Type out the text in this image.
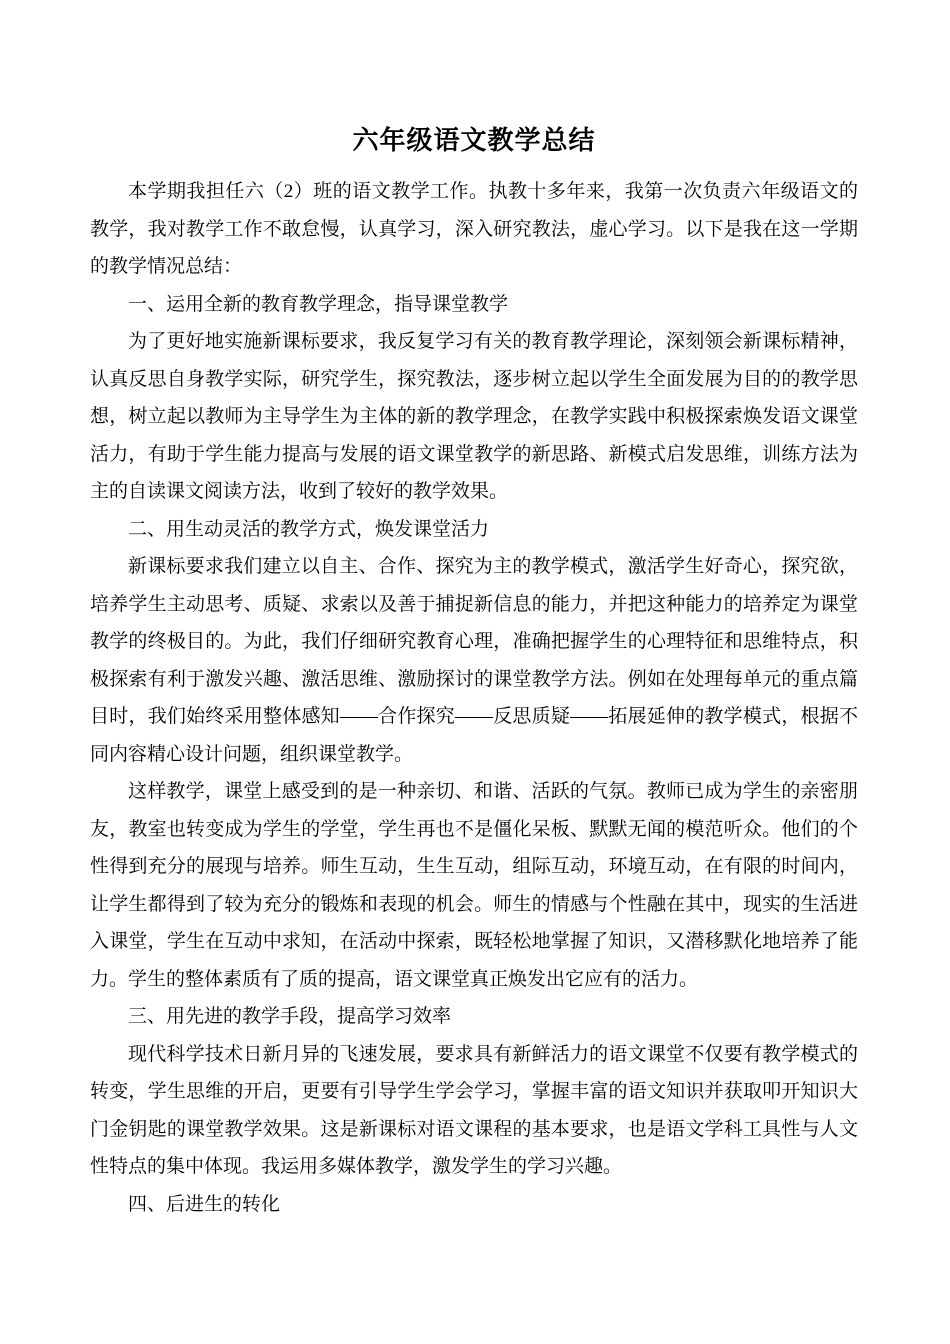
六年级语文教学总结

本学期我担任六（2）班的语文教学工作。执教十多年来，我第一次负责六年级语文的教学，我对教学工作不敢怠慢，认真学习，深入研究教法，虚心学习。以下是我在这一学期的教学情况总结：

一、运用全新的教育教学理念，指导课堂教学

为了更好地实施新课标要求，我反复学习有关的教育教学理论，深刻领会新课标精神，认真反思自身教学实际，研究学生，探究教法，逐步树立起以学生全面发展为目的的教学思想，树立起以教师为主导学生为主体的新的教学理念，在教学实践中积极探索焕发语文课堂活力，有助于学生能力提高与发展的语文课堂教学的新思路、新模式启发思维，训练方法为主的自读课文阅读方法，收到了较好的教学效果。

二、用生动灵活的教学方式，焕发课堂活力

新课标要求我们建立以自主、合作、探究为主的教学模式，激活学生好奇心，探究欲，培养学生主动思考、质疑、求索以及善于捕捉新信息的能力，并把这种能力的培养定为课堂教学的终极目的。为此，我们仔细研究教育心理，准确把握学生的心理特征和思维特点，积极探索有利于激发兴趣、激活思维、激励探讨的课堂教学方法。例如在处理每单元的重点篇目时，我们始终采用整体感知——合作探究——反思质疑——拓展延伸的教学模式，根据不同内容精心设计问题，组织课堂教学。

这样教学，课堂上感受到的是一种亲切、和谐、活跃的气氛。教师已成为学生的亲密朋友，教室也转变成为学生的学堂，学生再也不是僵化呆板、默默无闻的模范听众。他们的个性得到充分的展现与培养。师生互动，生生互动，组际互动，环境互动，在有限的时间内，让学生都得到了较为充分的锻炼和表现的机会。师生的情感与个性融在其中，现实的生活进入课堂，学生在互动中求知，在活动中探索，既轻松地掌握了知识，又潜移默化地培养了能力。学生的整体素质有了质的提高，语文课堂真正焕发出它应有的活力。

三、用先进的教学手段，提高学习效率

现代科学技术日新月异的飞速发展，要求具有新鲜活力的语文课堂不仅要有教学模式的转变，学生思维的开启，更要有引导学生学会学习，掌握丰富的语文知识并获取叩开知识大门金钥匙的课堂教学效果。这是新课标对语文课程的基本要求，也是语文学科工具性与人文性特点的集中体现。我运用多媒体教学，激发学生的学习兴趣。

四、后进生的转化
